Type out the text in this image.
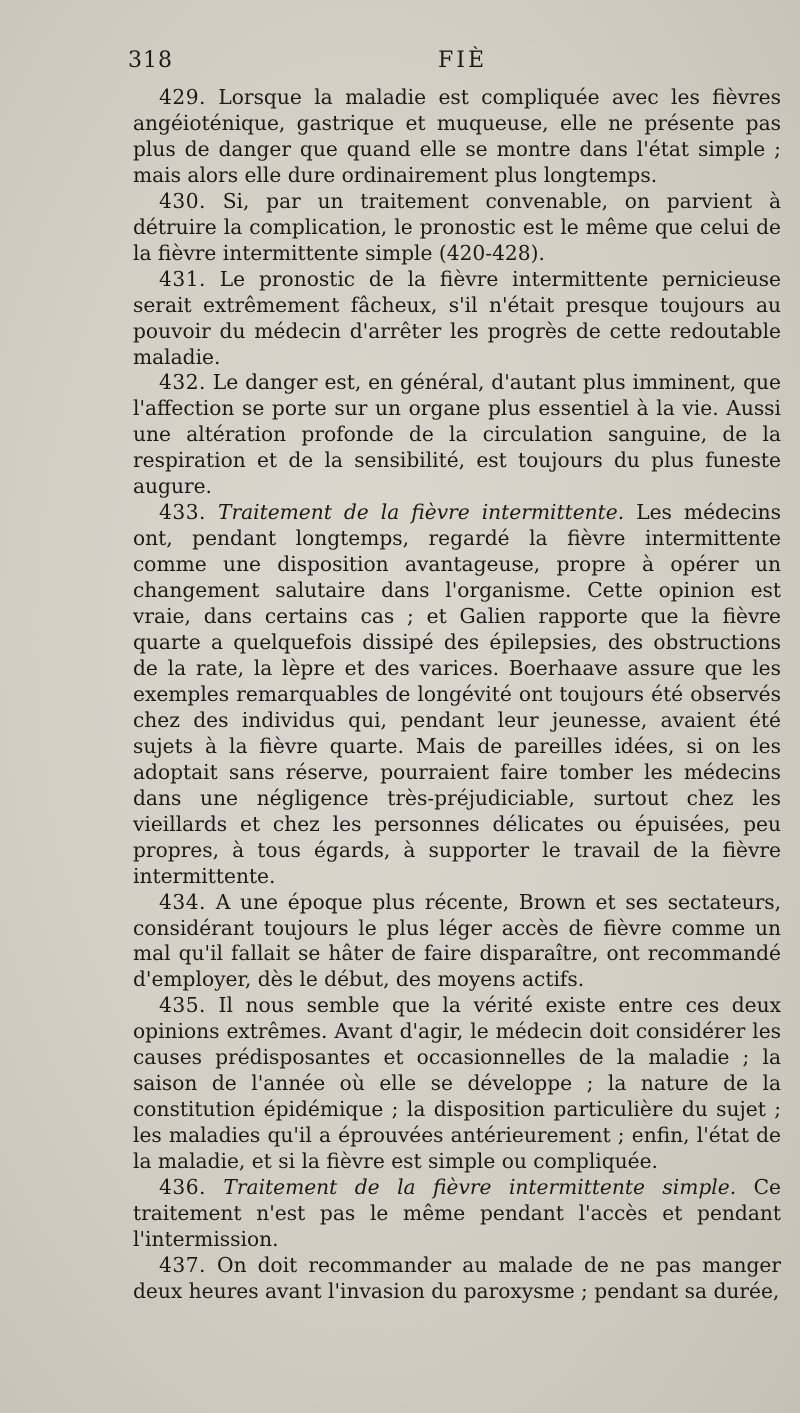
318	FIÈ

429. Lorsque la maladie est compliquée avec les fièvres angéioténique, gastrique et muqueuse, elle ne présente pas plus de danger que quand elle se montre dans l'état simple ; mais alors elle dure ordinairement plus longtemps.

430. Si, par un traitement convenable, on parvient à détruire la complication, le pronostic est le même que celui de la fièvre intermittente simple (420-428).

431. Le pronostic de la fièvre intermittente pernicieuse serait extrêmement fâcheux, s'il n'était presque toujours au pouvoir du médecin d'arrêter les progrès de cette redoutable maladie.

432. Le danger est, en général, d'autant plus imminent, que l'affection se porte sur un organe plus essentiel à la vie. Aussi une altération profonde de la circulation sanguine, de la respiration et de la sensibilité, est toujours du plus funeste augure.

433. Traitement de la fièvre intermittente. Les médecins ont, pendant longtemps, regardé la fièvre intermittente comme une disposition avantageuse, propre à opérer un changement salutaire dans l'organisme. Cette opinion est vraie, dans certains cas ; et Galien rapporte que la fièvre quarte a quelquefois dissipé des épilepsies, des obstructions de la rate, la lèpre et des varices. Boerhaave assure que les exemples remarquables de longévité ont toujours été observés chez des individus qui, pendant leur jeunesse, avaient été sujets à la fièvre quarte. Mais de pareilles idées, si on les adoptait sans réserve, pourraient faire tomber les médecins dans une négligence très-préjudiciable, surtout chez les vieillards et chez les personnes délicates ou épuisées, peu propres, à tous égards, à supporter le travail de la fièvre intermittente.

434. A une époque plus récente, Brown et ses sectateurs, considérant toujours le plus léger accès de fièvre comme un mal qu'il fallait se hâter de faire disparaître, ont recommandé d'employer, dès le début, des moyens actifs.

435. Il nous semble que la vérité existe entre ces deux opinions extrêmes. Avant d'agir, le médecin doit considérer les causes prédisposantes et occasionnelles de la maladie ; la saison de l'année où elle se développe ; la nature de la constitution épidémique ; la disposition particulière du sujet ; les maladies qu'il a éprouvées antérieurement ; enfin, l'état de la maladie, et si la fièvre est simple ou compliquée.

436. Traitement de la fièvre intermittente simple. Ce traitement n'est pas le même pendant l'accès et pendant l'intermission.

437. On doit recommander au malade de ne pas manger deux heures avant l'invasion du paroxysme ; pendant sa durée,
